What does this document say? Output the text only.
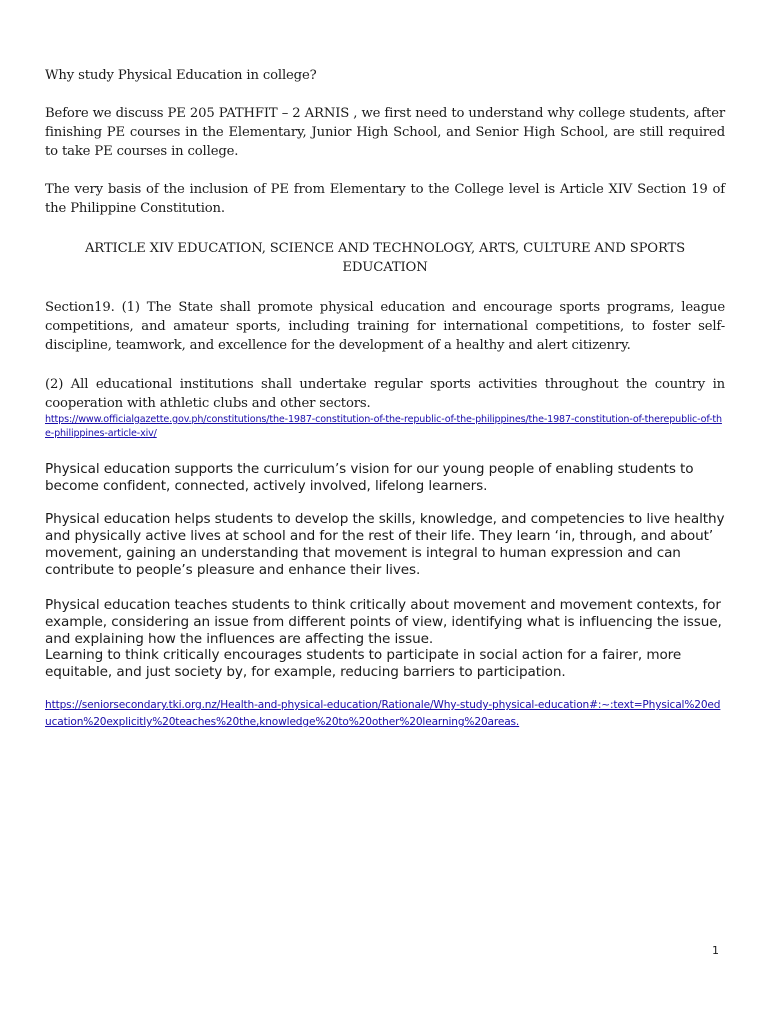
Why study Physical Education in college?

Before we discuss PE 205 PATHFIT – 2 ARNIS , we first need to understand why college students, after finishing PE courses in the Elementary, Junior High School, and Senior High School, are still required to take PE courses in college.

The very basis of the inclusion of PE from Elementary to the College level is Article XIV Section 19 of the Philippine Constitution.

ARTICLE XIV EDUCATION, SCIENCE AND TECHNOLOGY, ARTS, CULTURE AND SPORTS EDUCATION

Section19. (1) The State shall promote physical education and encourage sports programs, league competitions, and amateur sports, including training for international competitions, to foster self-discipline, teamwork, and excellence for the development of a healthy and alert citizenry.

(2) All educational institutions shall undertake regular sports activities throughout the country in cooperation with athletic clubs and other sectors.

https://www.officialgazette.gov.ph/constitutions/the-1987-constitution-of-the-republic-of-the-philippines/the-1987-constitution-of-therepublic-of-the-philippines-article-xiv/

Physical education supports the curriculum’s vision for our young people of enabling students to become confident, connected, actively involved, lifelong learners.

Physical education helps students to develop the skills, knowledge, and competencies to live healthy and physically active lives at school and for the rest of their life. They learn ‘in, through, and about’ movement, gaining an understanding that movement is integral to human expression and can contribute to people’s pleasure and enhance their lives.

Physical education teaches students to think critically about movement and movement contexts, for example, considering an issue from different points of view, identifying what is influencing the issue, and explaining how the influences are affecting the issue.

Learning to think critically encourages students to participate in social action for a fairer, more equitable, and just society by, for example, reducing barriers to participation.

https://seniorsecondary.tki.org.nz/Health-and-physical-education/Rationale/Why-study-physical-education#:~:text=Physical%20education%20explicitly%20teaches%20the,knowledge%20to%20other%20learning%20areas.
1
